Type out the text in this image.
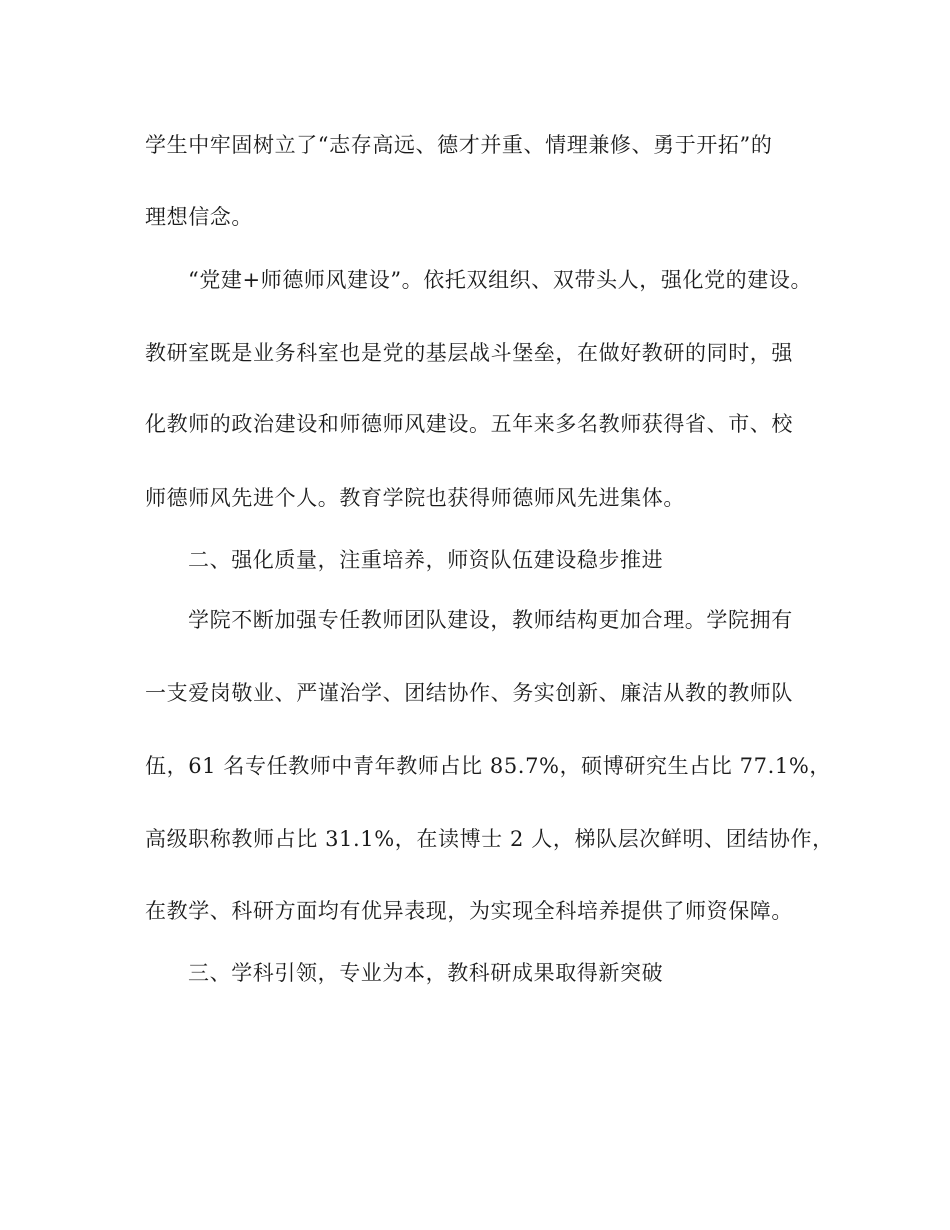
学生中牢固树立了“志存高远、德才并重、情理兼修、勇于开拓”的
理想信念。
“党建+师德师风建设”。依托双组织、双带头人，强化党的建设。
教研室既是业务科室也是党的基层战斗堡垒，在做好教研的同时，强
化教师的政治建设和师德师风建设。五年来多名教师获得省、市、校
师德师风先进个人。教育学院也获得师德师风先进集体。
二、强化质量，注重培养，师资队伍建设稳步推进
学院不断加强专任教师团队建设，教师结构更加合理。学院拥有
一支爱岗敬业、严谨治学、团结协作、务实创新、廉洁从教的教师队
伍，61 名专任教师中青年教师占比 85.7%，硕博研究生占比 77.1%，
高级职称教师占比 31.1%，在读博士 2 人，梯队层次鲜明、团结协作，
在教学、科研方面均有优异表现，为实现全科培养提供了师资保障。
三、学科引领，专业为本，教科研成果取得新突破
